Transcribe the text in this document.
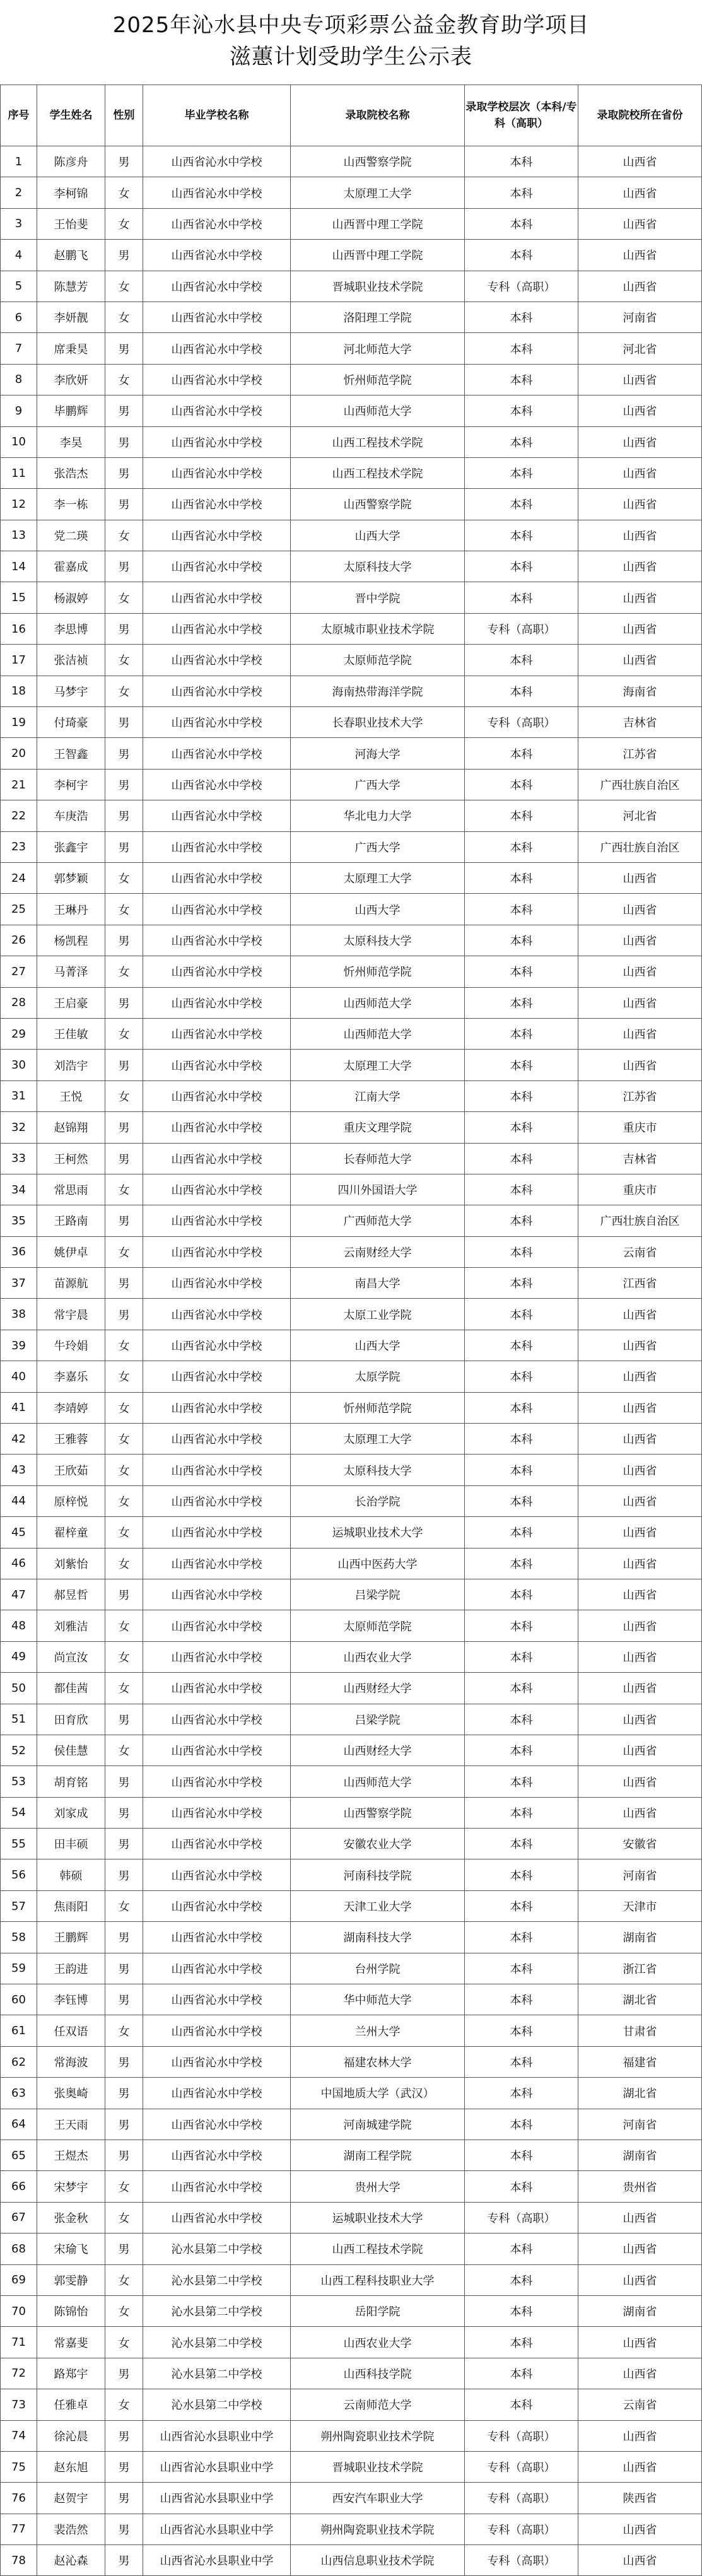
2025年沁水县中央专项彩票公益金教育助学项目
滋蕙计划受助学生公示表
序号	学生姓名	性别	毕业学校名称	录取院校名称	录取学校层次（本科/专科（高职）	录取院校所在省份
1	陈彦舟	男	山西省沁水中学校	山西警察学院	本科	山西省
2	李柯锦	女	山西省沁水中学校	太原理工大学	本科	山西省
3	王怡斐	女	山西省沁水中学校	山西晋中理工学院	本科	山西省
4	赵鹏飞	男	山西省沁水中学校	山西晋中理工学院	本科	山西省
5	陈慧芳	女	山西省沁水中学校	晋城职业技术学院	专科（高职）	山西省
6	李妍靓	女	山西省沁水中学校	洛阳理工学院	本科	河南省
7	席秉昊	男	山西省沁水中学校	河北师范大学	本科	河北省
8	李欣妍	女	山西省沁水中学校	忻州师范学院	本科	山西省
9	毕鹏辉	男	山西省沁水中学校	山西师范大学	本科	山西省
10	李昊	男	山西省沁水中学校	山西工程技术学院	本科	山西省
11	张浩杰	男	山西省沁水中学校	山西工程技术学院	本科	山西省
12	李一栋	男	山西省沁水中学校	山西警察学院	本科	山西省
13	党二瑛	女	山西省沁水中学校	山西大学	本科	山西省
14	霍嘉成	男	山西省沁水中学校	太原科技大学	本科	山西省
15	杨淑婷	女	山西省沁水中学校	晋中学院	本科	山西省
16	李思博	男	山西省沁水中学校	太原城市职业技术学院	专科（高职）	山西省
17	张洁祯	女	山西省沁水中学校	太原师范学院	本科	山西省
18	马梦宇	女	山西省沁水中学校	海南热带海洋学院	本科	海南省
19	付琦豪	男	山西省沁水中学校	长春职业技术大学	专科（高职）	吉林省
20	王智鑫	男	山西省沁水中学校	河海大学	本科	江苏省
21	李柯宇	男	山西省沁水中学校	广西大学	本科	广西壮族自治区
22	车庚浩	男	山西省沁水中学校	华北电力大学	本科	河北省
23	张鑫宇	男	山西省沁水中学校	广西大学	本科	广西壮族自治区
24	郭梦颖	女	山西省沁水中学校	太原理工大学	本科	山西省
25	王琳丹	女	山西省沁水中学校	山西大学	本科	山西省
26	杨凯程	男	山西省沁水中学校	太原科技大学	本科	山西省
27	马菁泽	女	山西省沁水中学校	忻州师范学院	本科	山西省
28	王启豪	男	山西省沁水中学校	山西师范大学	本科	山西省
29	王佳敏	女	山西省沁水中学校	山西师范大学	本科	山西省
30	刘浩宇	男	山西省沁水中学校	太原理工大学	本科	山西省
31	王悦	女	山西省沁水中学校	江南大学	本科	江苏省
32	赵锦翔	男	山西省沁水中学校	重庆文理学院	本科	重庆市
33	王柯然	男	山西省沁水中学校	长春师范大学	本科	吉林省
34	常思雨	女	山西省沁水中学校	四川外国语大学	本科	重庆市
35	王路南	男	山西省沁水中学校	广西师范大学	本科	广西壮族自治区
36	姚伊卓	女	山西省沁水中学校	云南财经大学	本科	云南省
37	苗源航	男	山西省沁水中学校	南昌大学	本科	江西省
38	常宇晨	男	山西省沁水中学校	太原工业学院	本科	山西省
39	牛玲娟	女	山西省沁水中学校	山西大学	本科	山西省
40	李嘉乐	女	山西省沁水中学校	太原学院	本科	山西省
41	李靖婷	女	山西省沁水中学校	忻州师范学院	本科	山西省
42	王雅蓉	女	山西省沁水中学校	太原理工大学	本科	山西省
43	王欣茹	女	山西省沁水中学校	太原科技大学	本科	山西省
44	原梓悦	女	山西省沁水中学校	长治学院	本科	山西省
45	翟梓童	女	山西省沁水中学校	运城职业技术大学	本科	山西省
46	刘紫怡	女	山西省沁水中学校	山西中医药大学	本科	山西省
47	郝昱哲	男	山西省沁水中学校	吕梁学院	本科	山西省
48	刘雅洁	女	山西省沁水中学校	太原师范学院	本科	山西省
49	尚宣汝	女	山西省沁水中学校	山西农业大学	本科	山西省
50	都佳茜	女	山西省沁水中学校	山西财经大学	本科	山西省
51	田育欣	男	山西省沁水中学校	吕梁学院	本科	山西省
52	侯佳慧	女	山西省沁水中学校	山西财经大学	本科	山西省
53	胡育铭	男	山西省沁水中学校	山西师范大学	本科	山西省
54	刘家成	男	山西省沁水中学校	山西警察学院	本科	山西省
55	田丰硕	男	山西省沁水中学校	安徽农业大学	本科	安徽省
56	韩硕	男	山西省沁水中学校	河南科技学院	本科	河南省
57	焦雨阳	女	山西省沁水中学校	天津工业大学	本科	天津市
58	王鹏辉	男	山西省沁水中学校	湖南科技大学	本科	湖南省
59	王韵进	男	山西省沁水中学校	台州学院	本科	浙江省
60	李钰博	男	山西省沁水中学校	华中师范大学	本科	湖北省
61	任双语	女	山西省沁水中学校	兰州大学	本科	甘肃省
62	常海波	男	山西省沁水中学校	福建农林大学	本科	福建省
63	张奥崎	男	山西省沁水中学校	中国地质大学（武汉）	本科	湖北省
64	王天雨	男	山西省沁水中学校	河南城建学院	本科	河南省
65	王煜杰	男	山西省沁水中学校	湖南工程学院	本科	湖南省
66	宋梦宇	女	山西省沁水中学校	贵州大学	本科	贵州省
67	张金秋	女	山西省沁水中学校	运城职业技术大学	专科（高职）	山西省
68	宋瑜飞	男	沁水县第二中学校	山西工程技术学院	本科	山西省
69	郭雯静	女	沁水县第二中学校	山西工程科技职业大学	本科	山西省
70	陈锦怡	女	沁水县第二中学校	岳阳学院	本科	湖南省
71	常嘉斐	女	沁水县第二中学校	山西农业大学	本科	山西省
72	路郑宇	男	沁水县第二中学校	山西科技学院	本科	山西省
73	任雅卓	女	沁水县第二中学校	云南师范大学	本科	云南省
74	徐沁晨	男	山西省沁水县职业中学	朔州陶瓷职业技术学院	专科（高职）	山西省
75	赵东旭	男	山西省沁水县职业中学	晋城职业技术学院	专科（高职）	山西省
76	赵贺宇	男	山西省沁水县职业中学	西安汽车职业大学	专科（高职）	陕西省
77	裴浩然	男	山西省沁水县职业中学	朔州陶瓷职业技术学院	专科（高职）	山西省
78	赵沁森	男	山西省沁水县职业中学	山西信息职业技术学院	专科（高职）	山西省
